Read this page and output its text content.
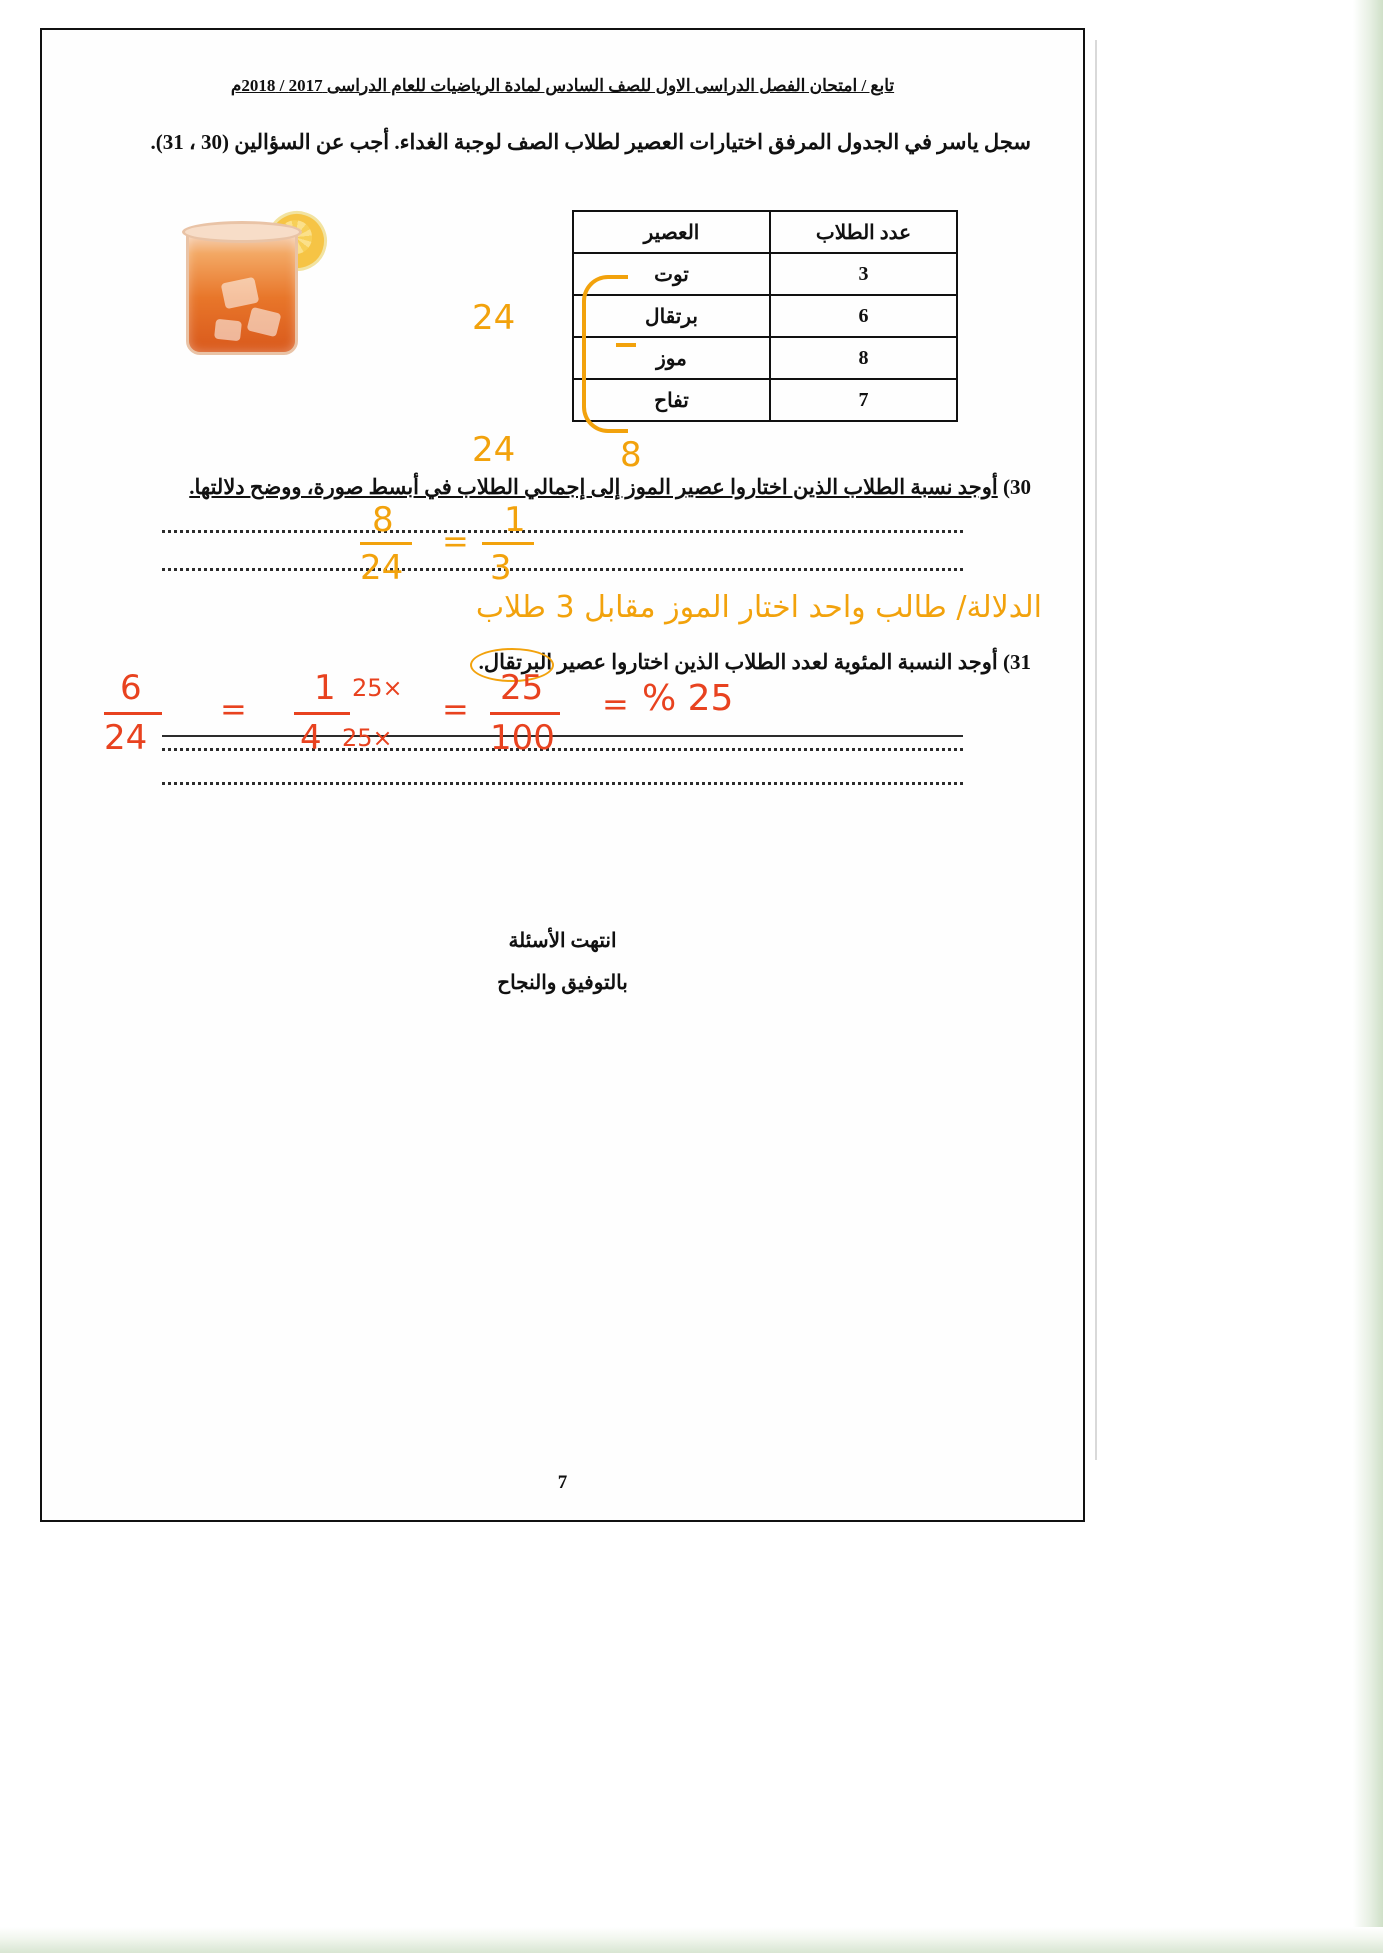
تابع / امتحان الفصل الدراسى الاول للصف السادس لمادة الرياضيات للعام الدراسى 2017 / 2018م
سجل ياسر في الجدول المرفق اختيارات العصير لطلاب الصف لوجبة الغداء. أجب عن السؤالين (30 ، 31).
عدد الطلاب	العصير
3	توت
6	برتقال
8	موز
7	تفاح
24
24	8
30) أوجد نسبة الطلاب الذين اختاروا عصير الموز إلى إجمالي الطلاب في أبسط صورة، ووضح دلالتها.
8
24
=
1
3
الدلالة/ طالب واحد اختار الموز مقابل 3 طلاب
31) أوجد النسبة المئوية لعدد الطلاب الذين اختاروا عصير البرتقال.
6
24
=
1
4
×25
×25
=
25
100
= 25 %
انتهت الأسئلة
بالتوفيق والنجاح
7
